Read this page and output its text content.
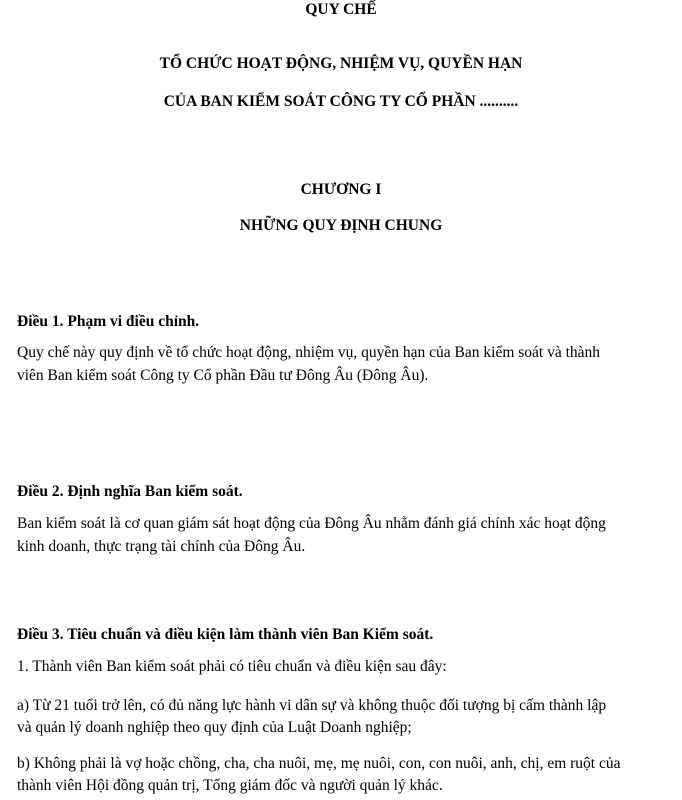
QUY CHẾ
TỔ CHỨC HOẠT ĐỘNG, NHIỆM VỤ, QUYỀN HẠN
CỦA BAN KIỂM SOÁT CÔNG TY CỔ PHẦN ..........
CHƯƠNG I
NHỮNG QUY ĐỊNH CHUNG
Điều 1. Phạm vi điều chỉnh.
Quy chế này quy định về tổ chức hoạt động, nhiệm vụ, quyền hạn của Ban kiểm soát và thành
viên Ban kiểm soát Công ty Cổ phần Đầu tư Đông Âu (Đông Âu).
Điều 2. Định nghĩa Ban kiểm soát.
Ban kiểm soát là cơ quan giám sát hoạt động của Đông Âu nhằm đánh giá chính xác hoạt động
kinh doanh, thực trạng tài chính của Đông Âu.
Điều 3. Tiêu chuẩn và điều kiện làm thành viên Ban Kiểm soát.
1. Thành viên Ban kiểm soát phải có tiêu chuẩn và điều kiện sau đây:
a) Từ 21 tuổi trở lên, có đủ năng lực hành vi dân sự và không thuộc đối tượng bị cấm thành lập
và quản lý doanh nghiệp theo quy định của Luật Doanh nghiệp;
b) Không phải là vợ hoặc chồng, cha, cha nuôi, mẹ, mẹ nuôi, con, con nuôi, anh, chị, em ruột của
thành viên Hội đồng quản trị, Tổng giám đốc và người quản lý khác.
